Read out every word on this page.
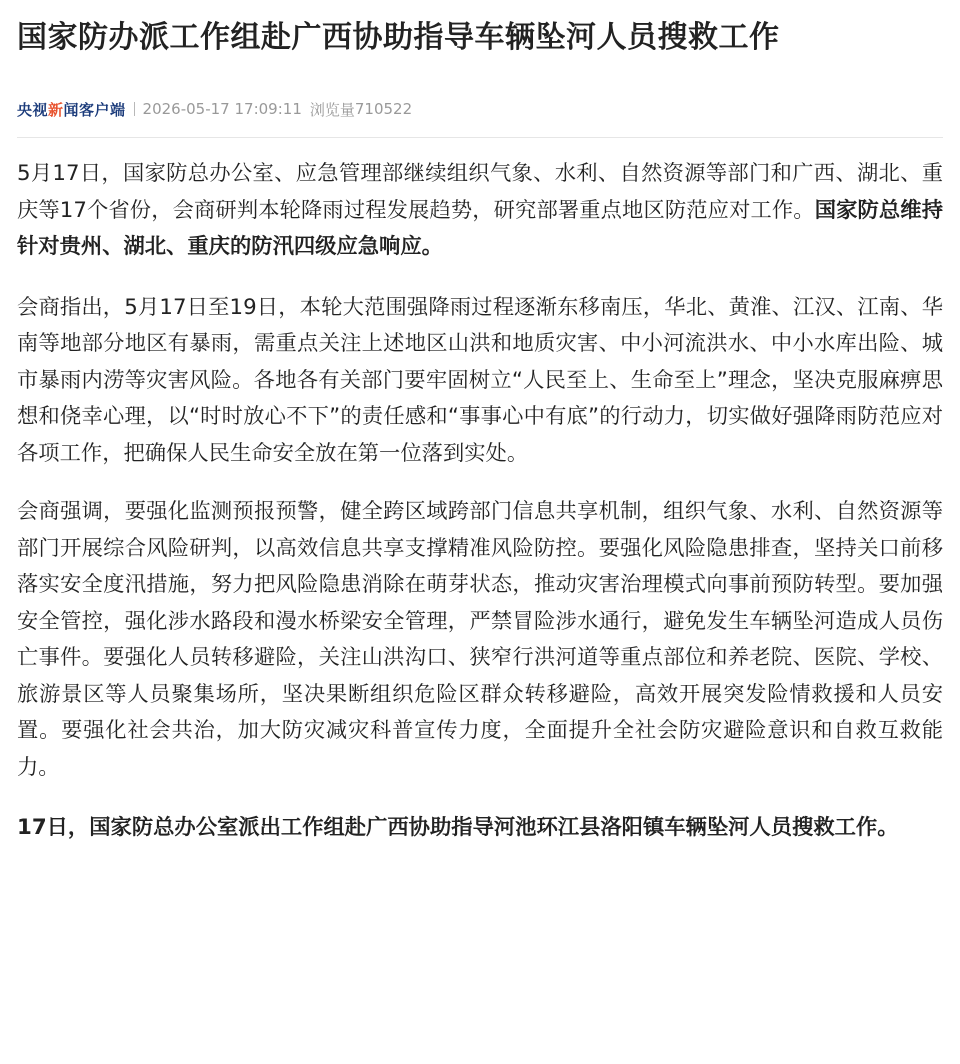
国家防办派工作组赴广西协助指导车辆坠河人员搜救工作
央视新闻客户端 2026-05-17 17:09:11 浏览量 710522

5月17日，国家防总办公室、应急管理部继续组织气象、水利、自然资源等部门和广西、湖北、重庆等17个省份，会商研判本轮降雨过程发展趋势，研究部署重点地区防范应对工作。国家防总维持针对贵州、湖北、重庆的防汛四级应急响应。

会商指出，5月17日至19日，本轮大范围强降雨过程逐渐东移南压，华北、黄淮、江汉、江南、华南等地部分地区有暴雨，需重点关注上述地区山洪和地质灾害、中小河流洪水、中小水库出险、城市暴雨内涝等灾害风险。各地各有关部门要牢固树立“人民至上、生命至上”理念，坚决克服麻痹思想和侥幸心理，以“时时放心不下”的责任感和“事事心中有底”的行动力，切实做好强降雨防范应对各项工作，把确保人民生命安全放在第一位落到实处。

会商强调，要强化监测预报预警，健全跨区域跨部门信息共享机制，组织气象、水利、自然资源等部门开展综合风险研判，以高效信息共享支撑精准风险防控。要强化风险隐患排查，坚持关口前移落实安全度汛措施，努力把风险隐患消除在萌芽状态，推动灾害治理模式向事前预防转型。要加强安全管控，强化涉水路段和漫水桥梁安全管理，严禁冒险涉水通行，避免发生车辆坠河造成人员伤亡事件。要强化人员转移避险，关注山洪沟口、狭窄行洪河道等重点部位和养老院、医院、学校、旅游景区等人员聚集场所，坚决果断组织危险区群众转移避险，高效开展突发险情救援和人员安置。要强化社会共治，加大防灾减灾科普宣传力度，全面提升全社会防灾避险意识和自救互救能力。

17日，国家防总办公室派出工作组赴广西协助指导河池环江县洛阳镇车辆坠河人员搜救工作。
